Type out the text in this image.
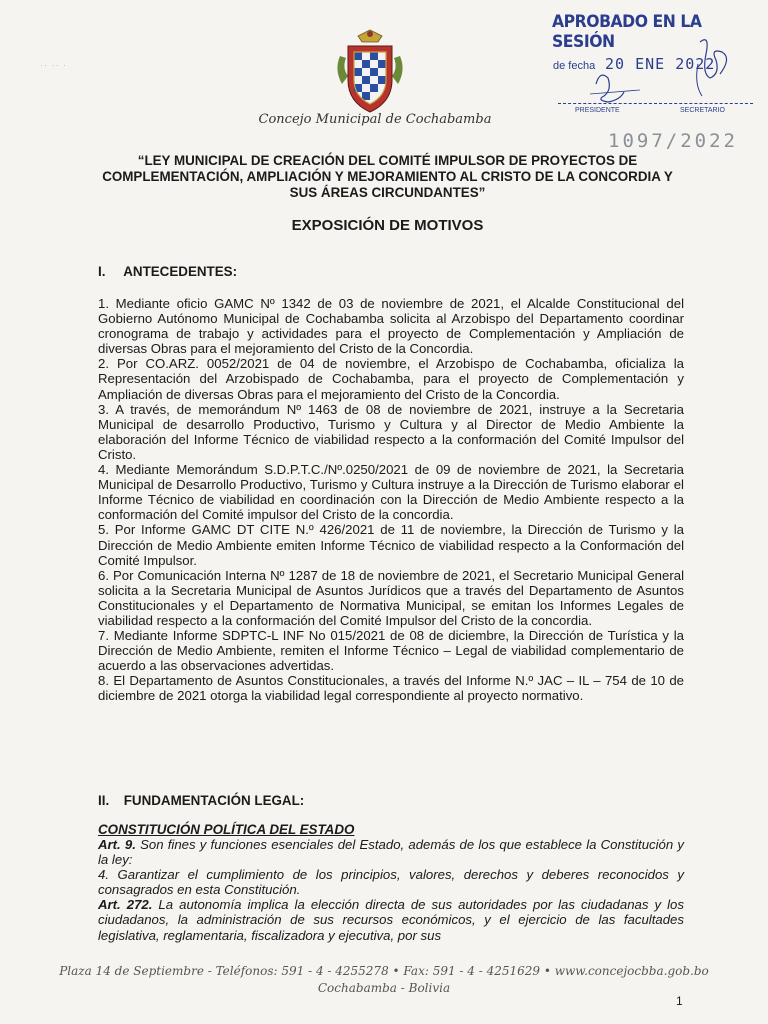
·· ·· ·
Concejo Municipal de Cochabamba
APROBADO EN LA SESIÓN
de fecha 20 ENE 2022
PRESIDENTE	SECRETARIO
1097/2022
“LEY MUNICIPAL DE CREACIÓN DEL COMITÉ IMPULSOR DE PROYECTOS DE COMPLEMENTACIÓN, AMPLIACIÓN Y MEJORAMIENTO AL CRISTO DE LA CONCORDIA Y SUS ÁREAS CIRCUNDANTES”
EXPOSICIÓN DE MOTIVOS
I. ANTECEDENTES:

1. Mediante oficio GAMC Nº 1342 de 03 de noviembre de 2021, el Alcalde Constitucional del Gobierno Autónomo Municipal de Cochabamba solicita al Arzobispo del Departamento coordinar cronograma de trabajo y actividades para el proyecto de Complementación y Ampliación de diversas Obras para el mejoramiento del Cristo de la Concordia.

2. Por CO.ARZ. 0052/2021 de 04 de noviembre, el Arzobispo de Cochabamba, oficializa la Representación del Arzobispado de Cochabamba, para el proyecto de Complementación y Ampliación de diversas Obras para el mejoramiento del Cristo de la Concordia.

3. A través, de memorándum Nº 1463 de 08 de noviembre de 2021, instruye a la Secretaria Municipal de desarrollo Productivo, Turismo y Cultura y al Director de Medio Ambiente la elaboración del Informe Técnico de viabilidad respecto a la conformación del Comité Impulsor del Cristo.

4. Mediante Memorándum S.D.P.T.C./Nº.0250/2021 de 09 de noviembre de 2021, la Secretaria Municipal de Desarrollo Productivo, Turismo y Cultura instruye a la Dirección de Turismo elaborar el Informe Técnico de viabilidad en coordinación con la Dirección de Medio Ambiente respecto a la conformación del Comité impulsor del Cristo de la concordia.

5. Por Informe GAMC DT CITE N.º 426/2021 de 11 de noviembre, la Dirección de Turismo y la Dirección de Medio Ambiente emiten Informe Técnico de viabilidad respecto a la Conformación del Comité Impulsor.

6. Por Comunicación Interna Nº 1287 de 18 de noviembre de 2021, el Secretario Municipal General solicita a la Secretaria Municipal de Asuntos Jurídicos que a través del Departamento de Asuntos Constitucionales y el Departamento de Normativa Municipal, se emitan los Informes Legales de viabilidad respecto a la conformación del Comité Impulsor del Cristo de la concordia.

7. Mediante Informe SDPTC-L INF No 015/2021 de 08 de diciembre, la Dirección de Turística y la Dirección de Medio Ambiente, remiten el Informe Técnico – Legal de viabilidad complementario de acuerdo a las observaciones advertidas.

8. El Departamento de Asuntos Constitucionales, a través del Informe N.º JAC – IL – 754 de 10 de diciembre de 2021 otorga la viabilidad legal correspondiente al proyecto normativo.

II. FUNDAMENTACIÓN LEGAL:
CONSTITUCIÓN POLÍTICA DEL ESTADO

Art. 9. Son fines y funciones esenciales del Estado, además de los que establece la Constitución y la ley:

4. Garantizar el cumplimiento de los principios, valores, derechos y deberes reconocidos y consagrados en esta Constitución.

Art. 272. La autonomía implica la elección directa de sus autoridades por las ciudadanas y los ciudadanos, la administración de sus recursos económicos, y el ejercicio de las facultades legislativa, reglamentaria, fiscalizadora y ejecutiva, por sus

Plaza 14 de Septiembre - Teléfonos: 591 - 4 - 4255278 • Fax: 591 - 4 - 4251629 • www.concejocbba.gob.bo
Cochabamba - Bolivia
1
